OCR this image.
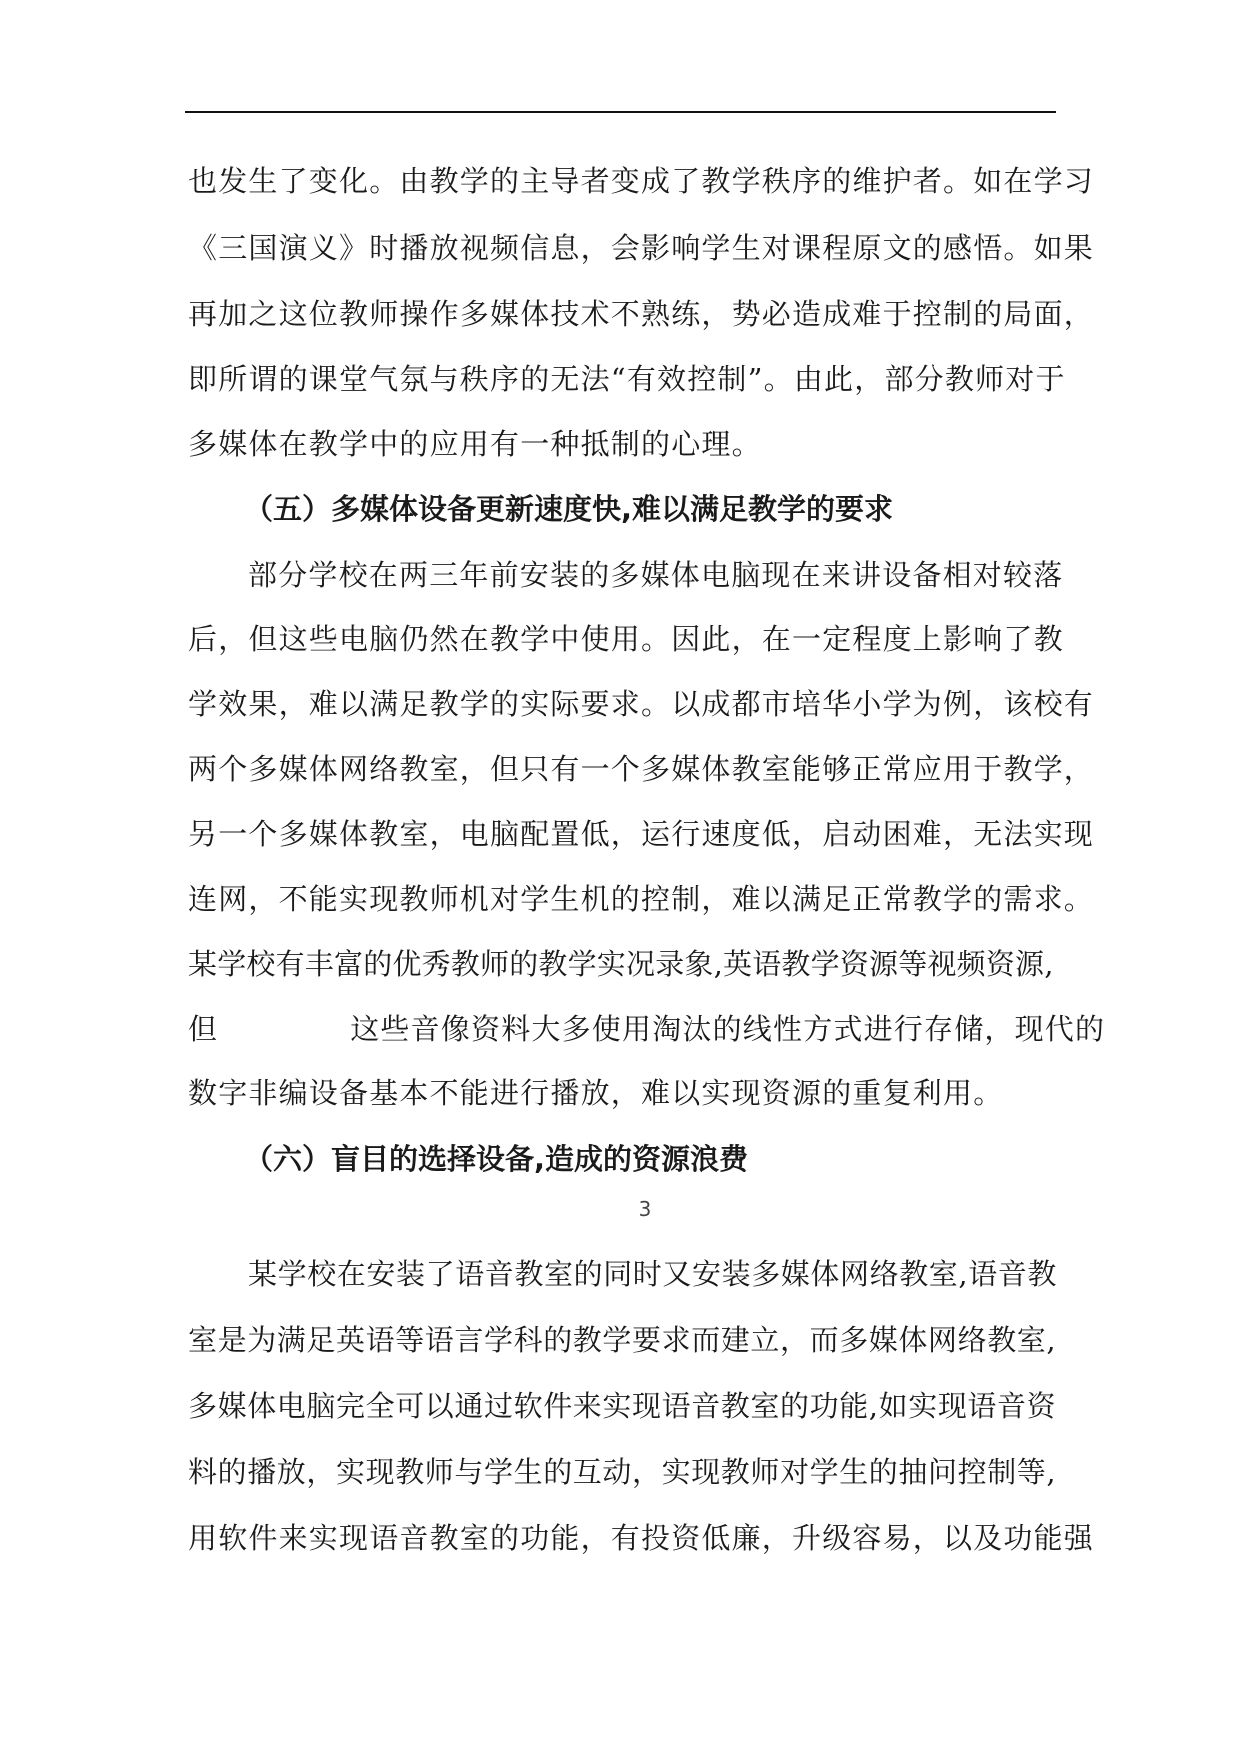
也发生了变化。由教学的主导者变成了教学秩序的维护者。如在学习
《三国演义》时播放视频信息，会影响学生对课程原文的感悟。如果
再加之这位教师操作多媒体技术不熟练，势必造成难于控制的局面，
即所谓的课堂气氛与秩序的无法“有效控制”。由此，部分教师对于
多媒体在教学中的应用有一种抵制的心理。
（五）多媒体设备更新速度快,难以满足教学的要求
部分学校在两三年前安装的多媒体电脑现在来讲设备相对较落
后，但这些电脑仍然在教学中使用。因此，在一定程度上影响了教
学效果，难以满足教学的实际要求。以成都市培华小学为例，该校有
两个多媒体网络教室，但只有一个多媒体教室能够正常应用于教学，
另一个多媒体教室，电脑配置低，运行速度低，启动困难，无法实现
连网，不能实现教师机对学生机的控制，难以满足正常教学的需求。
某学校有丰富的优秀教师的教学实况录象,英语教学资源等视频资源,
但	这些音像资料大多使用淘汰的线性方式进行存储，现代的
数字非编设备基本不能进行播放，难以实现资源的重复利用。
（六）盲目的选择设备,造成的资源浪费
3
某学校在安装了语音教室的同时又安装多媒体网络教室,语音教
室是为满足英语等语言学科的教学要求而建立，而多媒体网络教室,
多媒体电脑完全可以通过软件来实现语音教室的功能,如实现语音资
料的播放，实现教师与学生的互动，实现教师对学生的抽问控制等,
用软件来实现语音教室的功能，有投资低廉，升级容易，以及功能强
